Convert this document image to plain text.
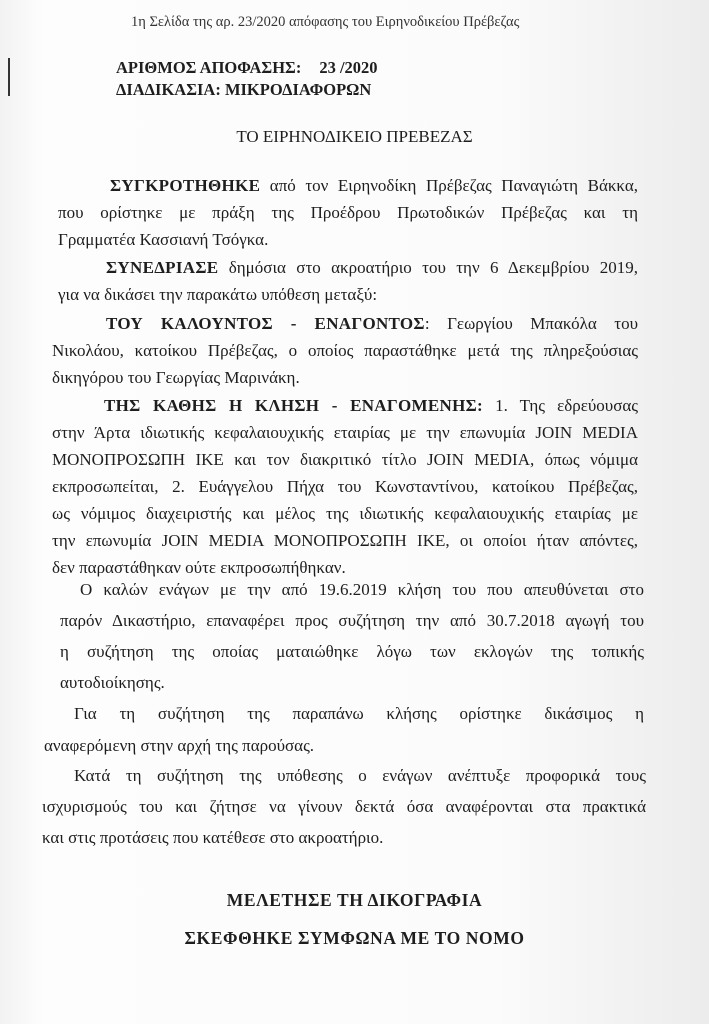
1η Σελίδα της αρ. 23/2020 απόφασης του Ειρηνοδικείου Πρέβεζας
ΑΡΙΘΜΟΣ ΑΠΟΦΑΣΗΣ: 23 /2020
ΔΙΑΔΙΚΑΣΙΑ: ΜΙΚΡΟΔΙΑΦΟΡΩΝ
ΤΟ ΕΙΡΗΝΟΔΙΚΕΙΟ ΠΡΕΒΕΖΑΣ
ΣΥΓΚΡΟΤΗΘΗΚΕ από τον Ειρηνοδίκη Πρέβεζας Παναγιώτη Βάκκα,
που ορίστηκε με πράξη της Προέδρου Πρωτοδικών Πρέβεζας και τη
Γραμματέα Κασσιανή Τσόγκα.
ΣΥΝΕΔΡΙΑΣΕ δημόσια στο ακροατήριο του την 6 Δεκεμβρίου 2019,
για να δικάσει την παρακάτω υπόθεση μεταξύ:
ΤΟΥ ΚΑΛΟΥΝΤΟΣ - ΕΝΑΓΟΝΤΟΣ: Γεωργίου Μπακόλα του
Νικολάου, κατοίκου Πρέβεζας, ο οποίος παραστάθηκε μετά της πληρεξούσιας
δικηγόρου του Γεωργίας Μαρινάκη.
ΤΗΣ ΚΑΘΗΣ Η ΚΛΗΣΗ - ΕΝΑΓΟΜΕΝΗΣ: 1. Της εδρεύουσας
στην Άρτα ιδιωτικής κεφαλαιουχικής εταιρίας με την επωνυμία JOIN MEDIA
ΜΟΝΟΠΡΟΣΩΠΗ ΙΚΕ και τον διακριτικό τίτλο JOIN MEDIA, όπως νόμιμα
εκπροσωπείται, 2. Ευάγγελου Πήχα του Κωνσταντίνου, κατοίκου Πρέβεζας,
ως νόμιμος διαχειριστής και μέλος της ιδιωτικής κεφαλαιουχικής εταιρίας με
την επωνυμία JOIN MEDIA ΜΟΝΟΠΡΟΣΩΠΗ ΙΚΕ, οι οποίοι ήταν απόντες,
δεν παραστάθηκαν ούτε εκπροσωπήθηκαν.
Ο καλών ενάγων με την από 19.6.2019 κλήση του που απευθύνεται στο
παρόν Δικαστήριο, επαναφέρει προς συζήτηση την από 30.7.2018 αγωγή του
η συζήτηση της οποίας ματαιώθηκε λόγω των εκλογών της τοπικής
αυτοδιοίκησης.
Για τη συζήτηση της παραπάνω κλήσης ορίστηκε δικάσιμος η
αναφερόμενη στην αρχή της παρούσας.
Κατά τη συζήτηση της υπόθεσης ο ενάγων ανέπτυξε προφορικά τους
ισχυρισμούς του και ζήτησε να γίνουν δεκτά όσα αναφέρονται στα πρακτικά
και στις προτάσεις που κατέθεσε στο ακροατήριο.
ΜΕΛΕΤΗΣΕ ΤΗ ΔΙΚΟΓΡΑΦΙΑ
ΣΚΕΦΘΗΚΕ ΣΥΜΦΩΝΑ ΜΕ ΤΟ ΝΟΜΟ
